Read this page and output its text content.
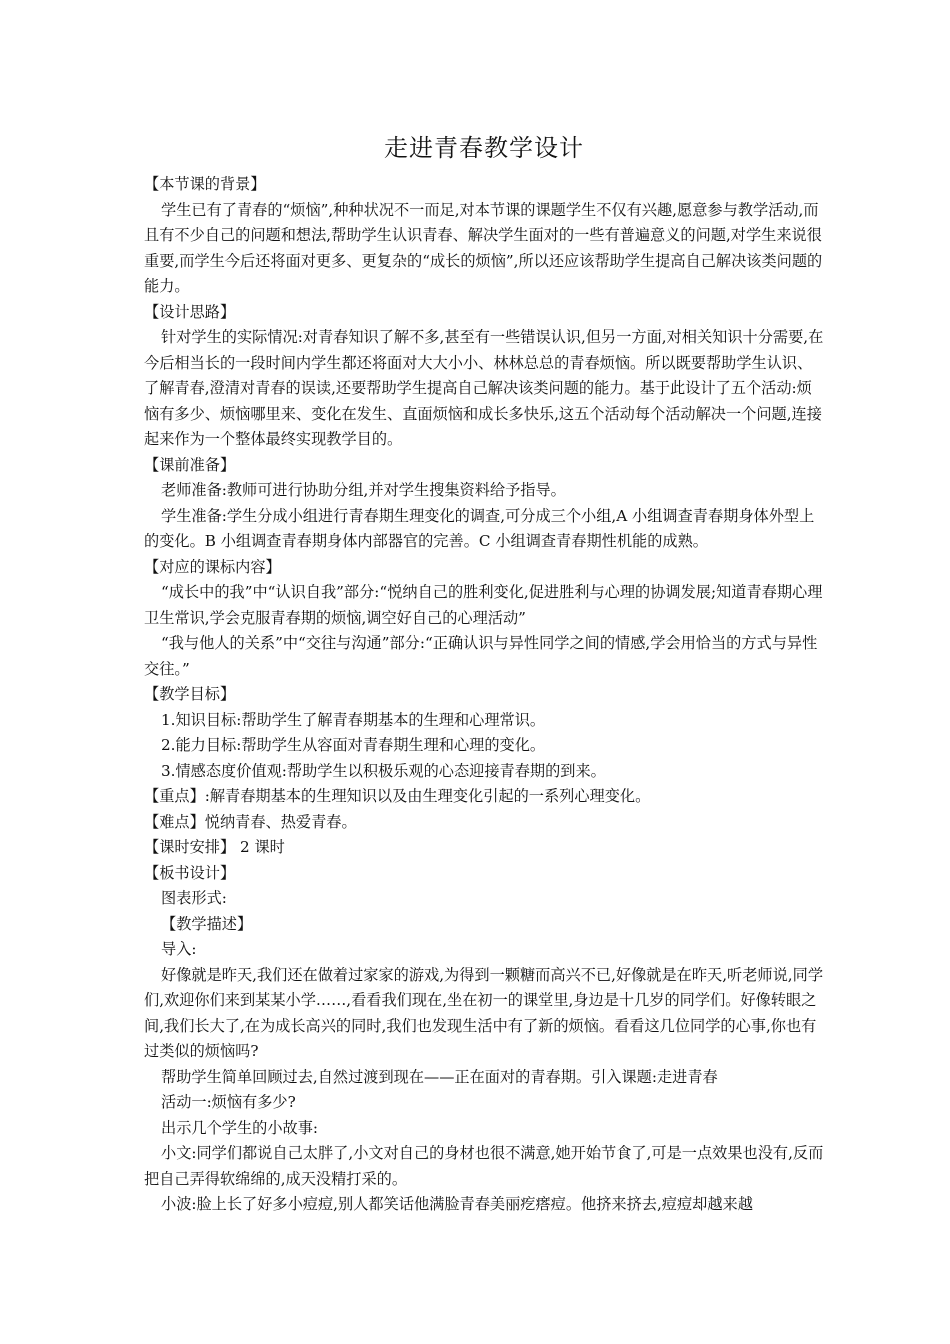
走进青春教学设计

【本节课的背景】

学生已有了青春的“烦恼”,种种状况不一而足,对本节课的课题学生不仅有兴趣,愿意参与教学活动,而且有不少自己的问题和想法,帮助学生认识青春、解决学生面对的一些有普遍意义的问题,对学生来说很重要,而学生今后还将面对更多、更复杂的“成长的烦恼”,所以还应该帮助学生提高自己解决该类问题的能力。

【设计思路】

针对学生的实际情况:对青春知识了解不多,甚至有一些错误认识,但另一方面,对相关知识十分需要,在今后相当长的一段时间内学生都还将面对大大小小、林林总总的青春烦恼。所以既要帮助学生认识、了解青春,澄清对青春的误读,还要帮助学生提高自己解决该类问题的能力。基于此设计了五个活动:烦恼有多少、烦恼哪里来、变化在发生、直面烦恼和成长多快乐,这五个活动每个活动解决一个问题,连接起来作为一个整体最终实现教学目的。

【课前准备】

老师准备:教师可进行协助分组,并对学生搜集资料给予指导。

学生准备:学生分成小组进行青春期生理变化的调查,可分成三个小组,A 小组调查青春期身体外型上的变化。B 小组调查青春期身体内部器官的完善。C 小组调查青春期性机能的成熟。

【对应的课标内容】

“成长中的我”中“认识自我”部分:“悦纳自己的胜利变化,促进胜利与心理的协调发展;知道青春期心理卫生常识,学会克服青春期的烦恼,调空好自己的心理活动”

“我与他人的关系”中“交往与沟通”部分:“正确认识与异性同学之间的情感,学会用恰当的方式与异性交往。”

【教学目标】

1.知识目标:帮助学生了解青春期基本的生理和心理常识。

2.能力目标:帮助学生从容面对青春期生理和心理的变化。

3.情感态度价值观:帮助学生以积极乐观的心态迎接青春期的到来。

【重点】:解青春期基本的生理知识以及由生理变化引起的一系列心理变化。

【难点】悦纳青春、热爱青春。

【课时安排】 2 课时

【板书设计】

图表形式:

【教学描述】

导入:

好像就是昨天,我们还在做着过家家的游戏,为得到一颗糖而高兴不已,好像就是在昨天,听老师说,同学们,欢迎你们来到某某小学……,看看我们现在,坐在初一的课堂里,身边是十几岁的同学们。好像转眼之间,我们长大了,在为成长高兴的同时,我们也发现生活中有了新的烦恼。看看这几位同学的心事,你也有过类似的烦恼吗?

帮助学生简单回顾过去,自然过渡到现在——正在面对的青春期。引入课题:走进青春

活动一:烦恼有多少?

出示几个学生的小故事:

小文:同学们都说自己太胖了,小文对自己的身材也很不满意,她开始节食了,可是一点效果也没有,反而把自己弄得软绵绵的,成天没精打采的。

小波:脸上长了好多小痘痘,别人都笑话他满脸青春美丽疙瘩痘。他挤来挤去,痘痘却越来越
